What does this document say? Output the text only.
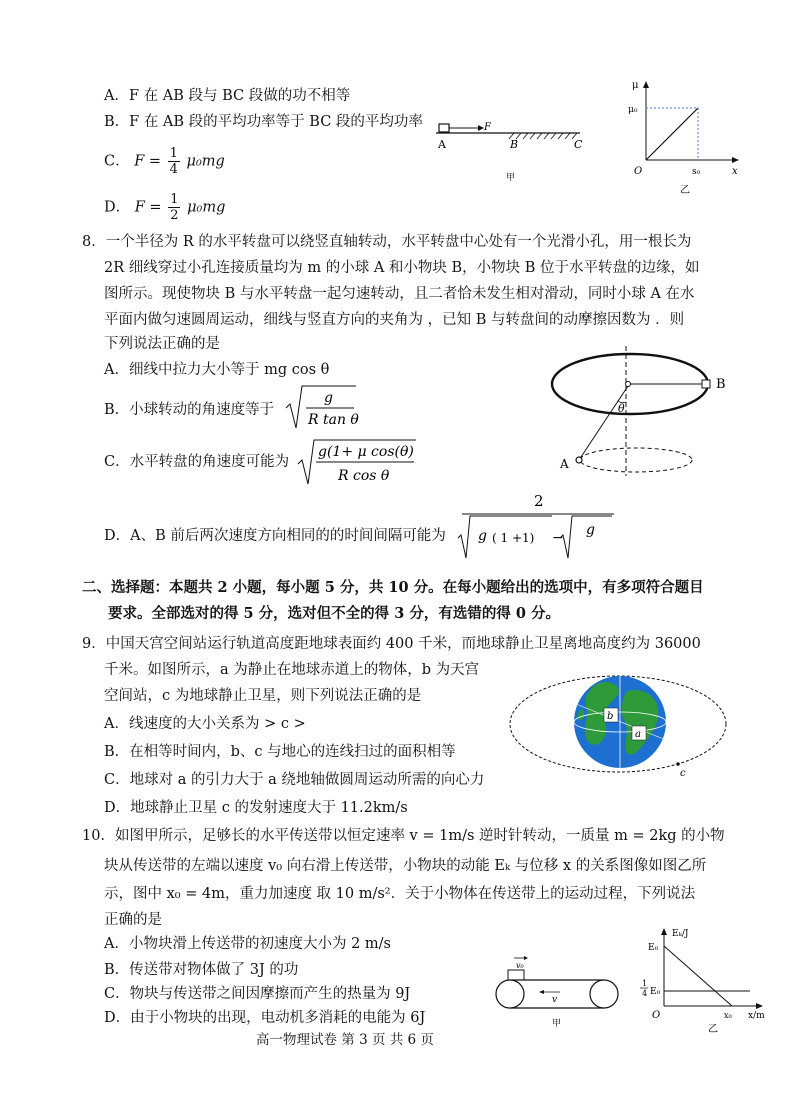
A．F 在 AB 段与 BC 段做的功不相等
B．F 在 AB 段的平均功率等于 BC 段的平均功率
C． $F = \frac{1}{4} \mu_0mg$
D． $F = \frac{1}{2} \mu_0mg$
A
F
B	C
甲
μ
μ₀
O	s₀	x
乙
8．一个半径为 R 的水平转盘可以绕竖直轴转动，水平转盘中心处有一个光滑小孔，用一根长为
2R 细线穿过小孔连接质量均为 m 的小球 A 和小物块 B，小物块 B 位于水平转盘的边缘，如
图所示。现使物块 B 与水平转盘一起匀速转动，且二者恰未发生相对滑动，同时小球 A 在水
平面内做匀速圆周运动，细线与竖直方向的夹角为 ，已知 B 与转盘间的动摩擦因数为 ．则
下列说法正确的是
A．细线中拉力大小等于 mg cos θ
B．小球转动的角速度等于
g
R tan θ
C．水平转盘的角速度可能为
g(1+ μ cos(θ)
R cos θ
D．A、B 前后两次速度方向相同的的时间间隔可能为
2
g ( 1 +1) − g
B
θ
A
二、选择题：本题共 2 小题，每小题 5 分，共 10 分。在每小题给出的选项中，有多项符合题目
要求。全部选对的得 5 分，选对但不全的得 3 分，有选错的得 0 分。
9．中国天宫空间站运行轨道高度距地球表面约 400 千米，而地球静止卫星离地高度约为 36000
千米。如图所示，a 为静止在地球赤道上的物体，b 为天宫
空间站，c 为地球静止卫星，则下列说法正确的是
A．线速度的大小关系为 > c >
B．在相等时间内，b、c 与地心的连线扫过的面积相等
C．地球对 a 的引力大于 a 绕地轴做圆周运动所需的向心力
D．地球静止卫星 c 的发射速度大于 11.2km/s
b
a
c
10．如图甲所示，足够长的水平传送带以恒定速率 v = 1m/s 逆时针转动，一质量 m = 2kg 的小物
块从传送带的左端以速度 v₀ 向右滑上传送带，小物块的动能 Eₖ 与位移 x 的关系图像如图乙所
示，图中 x₀ = 4m，重力加速度 取 10 m/s²．关于小物体在传送带上的运动过程，下列说法
正确的是
A．小物块滑上传送带的初速度大小为 2 m/s
B．传送带对物体做了 3J 的功
C．物块与传送带之间因摩擦而产生的热量为 9J
D．由于小物块的出现，电动机多消耗的电能为 6J
v₀
v
甲
Eₖ/J
E₀
1
4 E₀
O	x₀ x/m
乙
高一物理试卷 第 3 页 共 6 页
